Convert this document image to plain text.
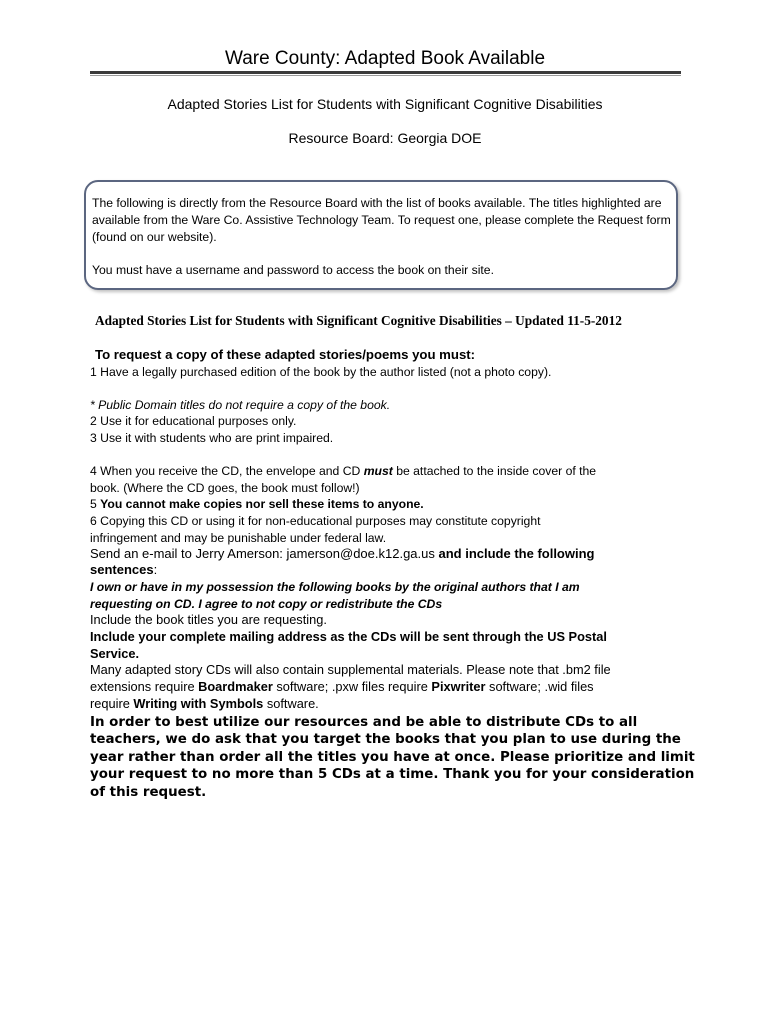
Ware County: Adapted Book Available
Adapted Stories List for Students with Significant Cognitive Disabilities
Resource Board: Georgia DOE
The following is directly from the Resource Board with the list of books available. The titles highlighted are available from the Ware Co. Assistive Technology Team. To request one, please complete the Request form (found on our website).
You must have a username and password to access the book on their site.
Adapted Stories List for Students with Significant Cognitive Disabilities – Updated 11-5-2012
To request a copy of these adapted stories/poems you must:
1 Have a legally purchased edition of the book by the author listed (not a photo copy).
* Public Domain titles do not require a copy of the book.
2 Use it for educational purposes only.
3 Use it with students who are print impaired.
4 When you receive the CD, the envelope and CD must be attached to the inside cover of the
book. (Where the CD goes, the book must follow!)
5 You cannot make copies nor sell these items to anyone.
6 Copying this CD or using it for non-educational purposes may constitute copyright
infringement and may be punishable under federal law.
Send an e-mail to Jerry Amerson: jamerson@doe.k12.ga.us and include the following
sentences:
I own or have in my possession the following books by the original authors that I am
requesting on CD. I agree to not copy or redistribute the CDs
Include the book titles you are requesting.
Include your complete mailing address as the CDs will be sent through the US Postal
Service.
Many adapted story CDs will also contain supplemental materials. Please note that .bm2 file
extensions require Boardmaker software; .pxw files require Pixwriter software; .wid files
require Writing with Symbols software.
In order to best utilize our resources and be able to distribute CDs to all teachers, we do ask that you target the books that you plan to use during the year rather than order all the titles you have at once. Please prioritize and limit your request to no more than 5 CDs at a time. Thank you for your consideration of this request.
